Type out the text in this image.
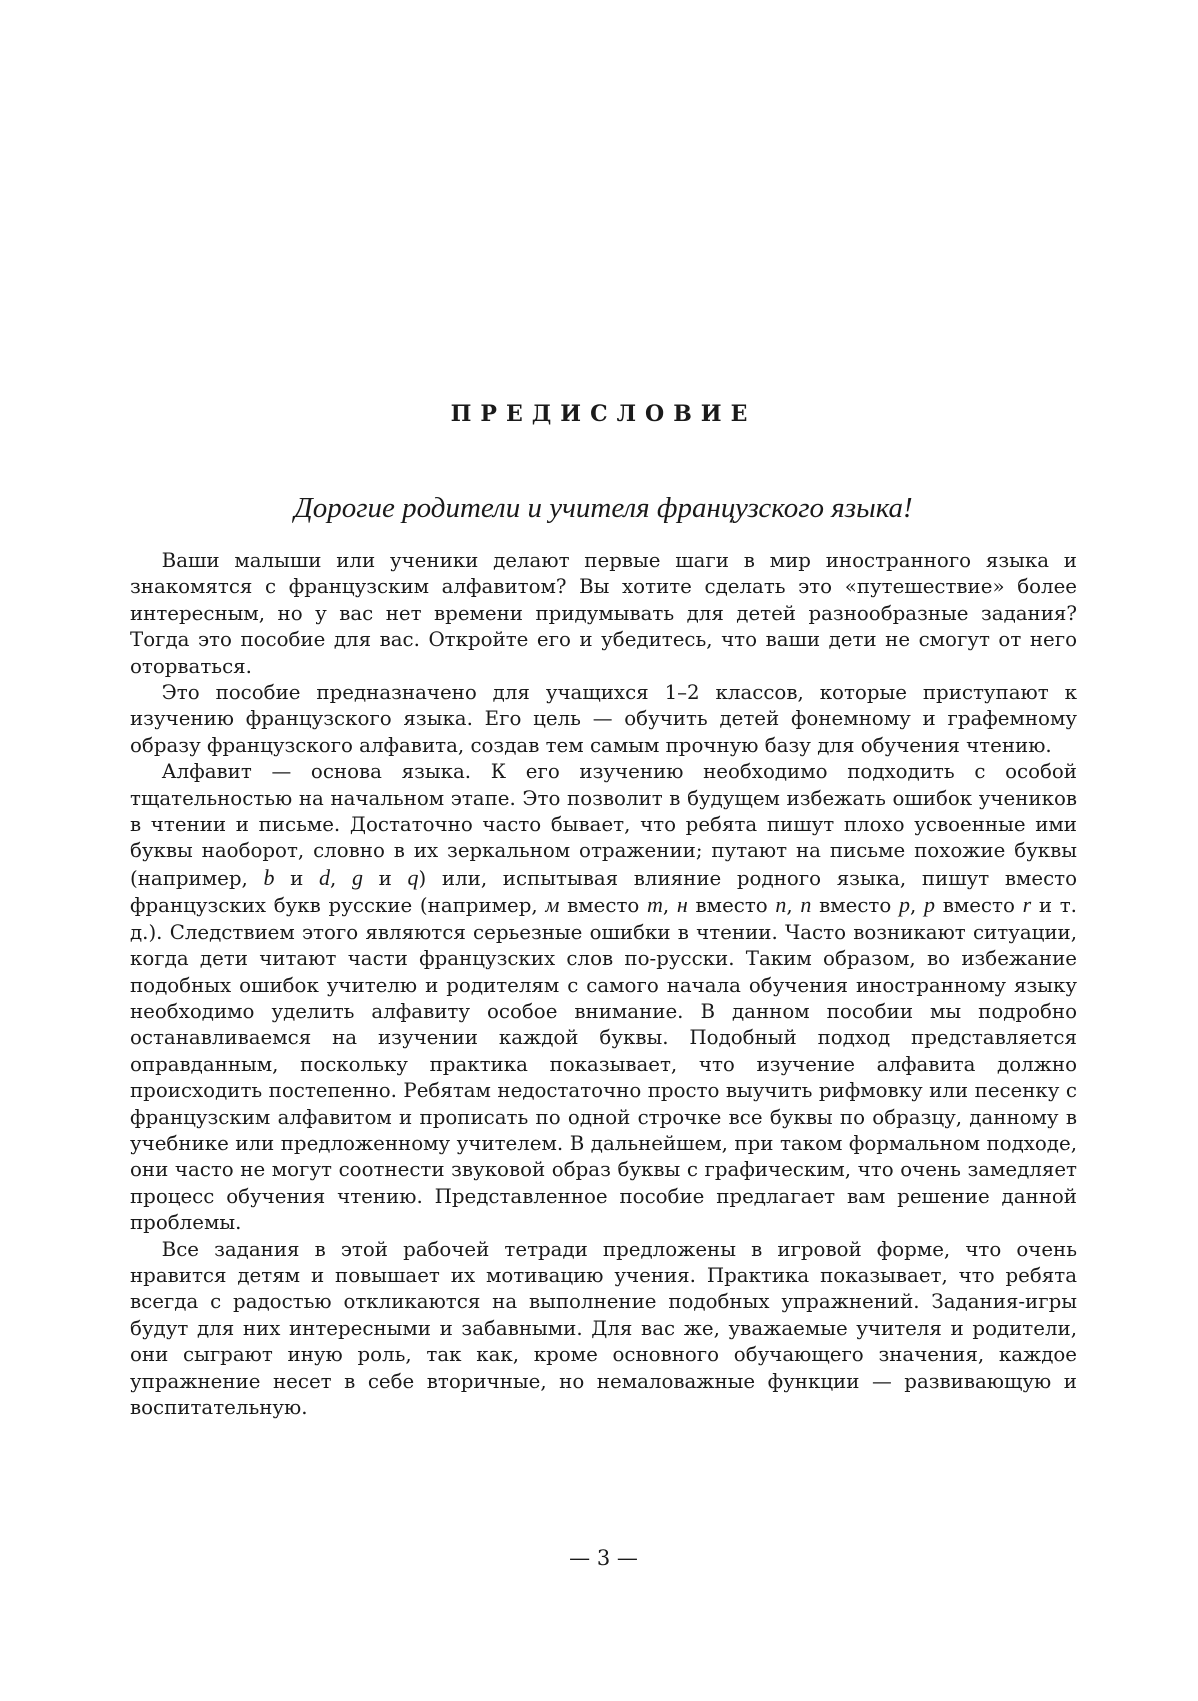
ПРЕДИСЛОВИЕ

Дорогие родители и учителя французского языка!

Ваши малыши или ученики делают первые шаги в мир иностранного языка и знакомятся с французским алфавитом? Вы хотите сделать это «путешествие» более интересным, но у вас нет времени придумывать для детей разнообразные задания? Тогда это пособие для вас. Откройте его и убедитесь, что ваши дети не смогут от него оторваться.

Это пособие предназначено для учащихся 1–2 классов, которые приступают к изучению французского языка. Его цель — обучить детей фонемному и графемному образу французского алфавита, создав тем самым прочную базу для обучения чтению.

Алфавит — основа языка. К его изучению необходимо подходить с особой тщательностью на начальном этапе. Это позволит в будущем избежать ошибок учеников в чтении и письме. Достаточно часто бывает, что ребята пишут плохо усвоенные ими буквы наоборот, словно в их зеркальном отражении; путают на письме похожие буквы (например, b и d, g и q) или, испытывая влияние родного языка, пишут вместо французских букв русские (например, м вместо m, н вместо n, п вместо p, р вместо r и т. д.). Следствием этого являются серьезные ошибки в чтении. Часто возникают ситуации, когда дети читают части французских слов по-русски. Таким образом, во избежание подобных ошибок учителю и родителям с самого начала обучения иностранному языку необходимо уделить алфавиту особое внимание. В данном пособии мы подробно останавливаемся на изучении каждой буквы. Подобный подход представляется оправданным, поскольку практика показывает, что изучение алфавита должно происходить постепенно. Ребятам недостаточно просто выучить рифмовку или песенку с французским алфавитом и прописать по одной строчке все буквы по образцу, данному в учебнике или предложенному учителем. В дальнейшем, при таком формальном подходе, они часто не могут соотнести звуковой образ буквы с графическим, что очень замедляет процесс обучения чтению. Представленное пособие предлагает вам решение данной проблемы.

Все задания в этой рабочей тетради предложены в игровой форме, что очень нравится детям и повышает их мотивацию учения. Практика показывает, что ребята всегда с радостью откликаются на выполнение подобных упражнений. Задания-игры будут для них интересными и забавными. Для вас же, уважаемые учителя и родители, они сыграют иную роль, так как, кроме основного обучающего значения, каждое упражнение несет в себе вторичные, но немаловажные функции — развивающую и воспитательную.

— 3 —
